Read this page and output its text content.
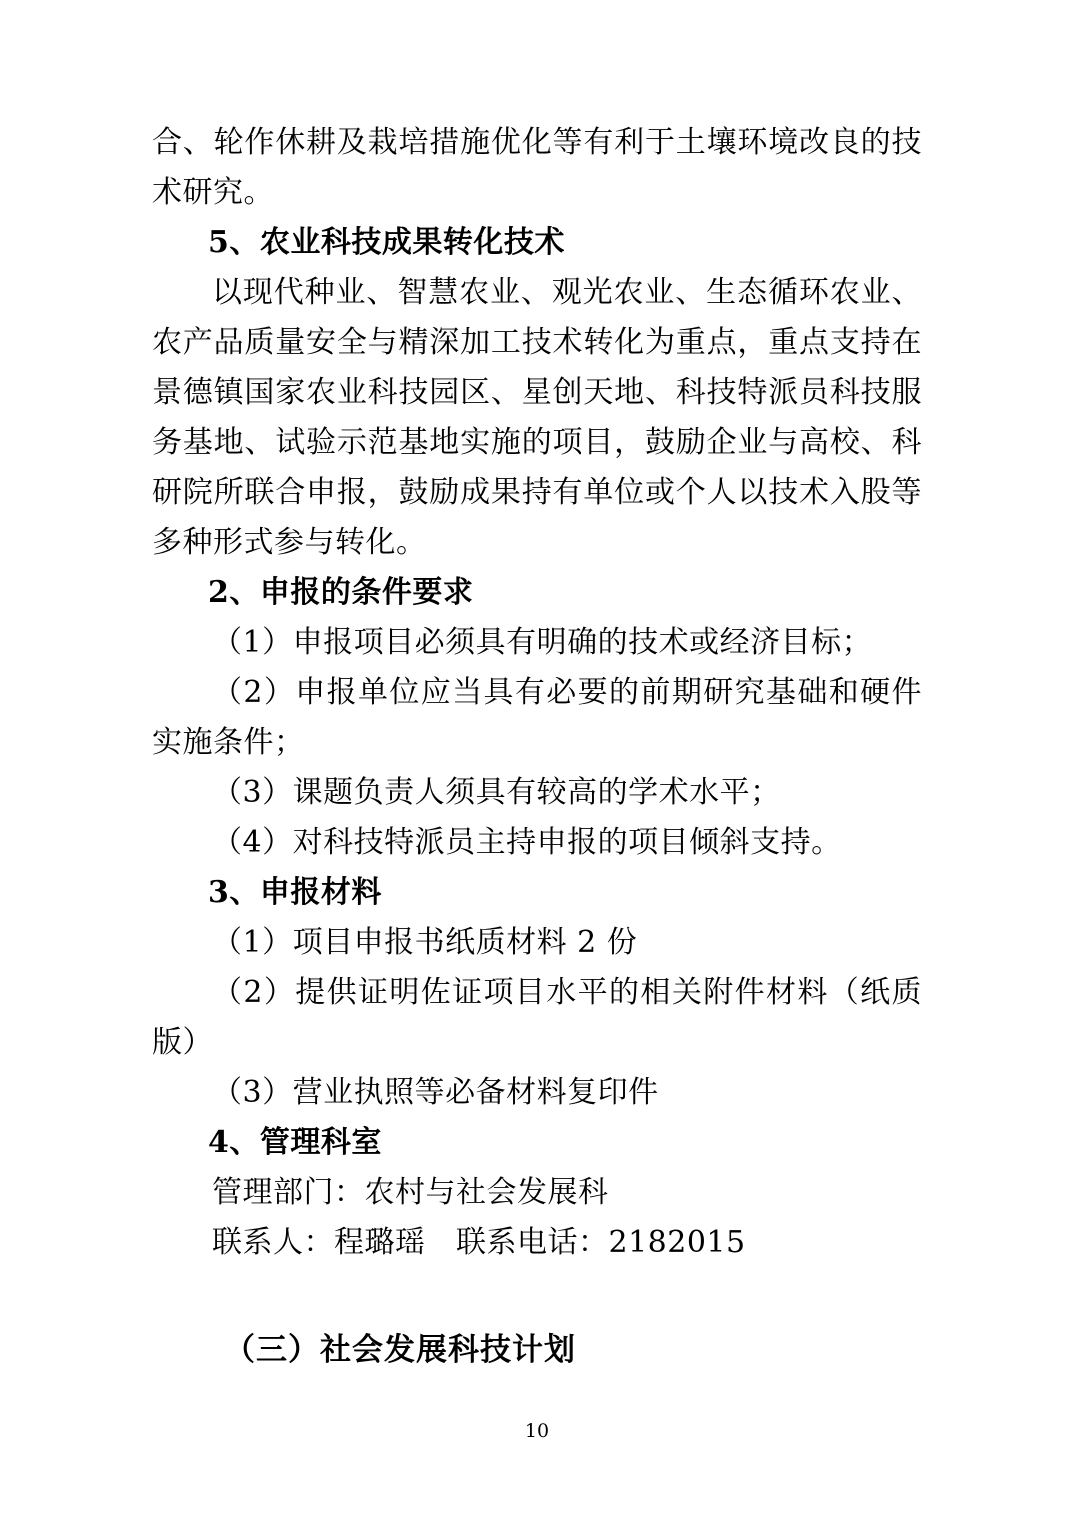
合、轮作休耕及栽培措施优化等有利于土壤环境改良的技术研究。

5、农业科技成果转化技术

以现代种业、智慧农业、观光农业、生态循环农业、农产品质量安全与精深加工技术转化为重点，重点支持在景德镇国家农业科技园区、星创天地、科技特派员科技服务基地、试验示范基地实施的项目，鼓励企业与高校、科研院所联合申报，鼓励成果持有单位或个人以技术入股等多种形式参与转化。

2、申报的条件要求

（1）申报项目必须具有明确的技术或经济目标；

（2）申报单位应当具有必要的前期研究基础和硬件实施条件；

（3）课题负责人须具有较高的学术水平；

（4）对科技特派员主持申报的项目倾斜支持。

3、申报材料

（1）项目申报书纸质材料 2 份

（2）提供证明佐证项目水平的相关附件材料（纸质版）

（3）营业执照等必备材料复印件

4、管理科室

管理部门：农村与社会发展科

联系人：程璐瑶　联系电话：2182015

（三）社会发展科技计划

10
